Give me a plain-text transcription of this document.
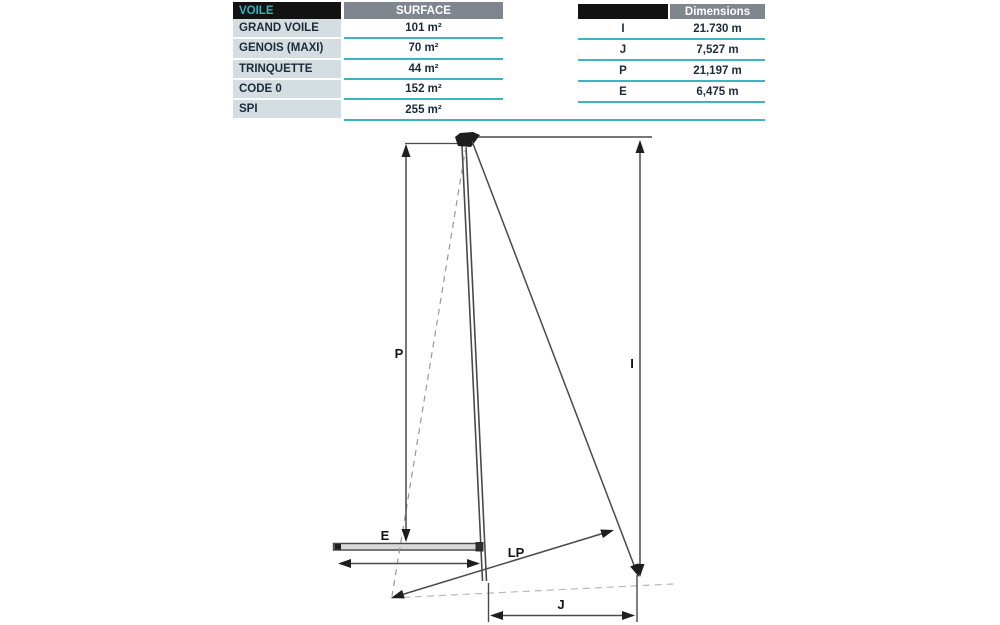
VOILE	SURFACE
GRAND VOILE	101 m²
GENOIS (MAXI)	70 m²
TRINQUETTE	44 m²
CODE 0	152 m²
SPI	255 m²
Dimensions
I	21.730 m
J	7,527 m
P	21,197 m
E	6,475 m
P
I
E
LP
J
